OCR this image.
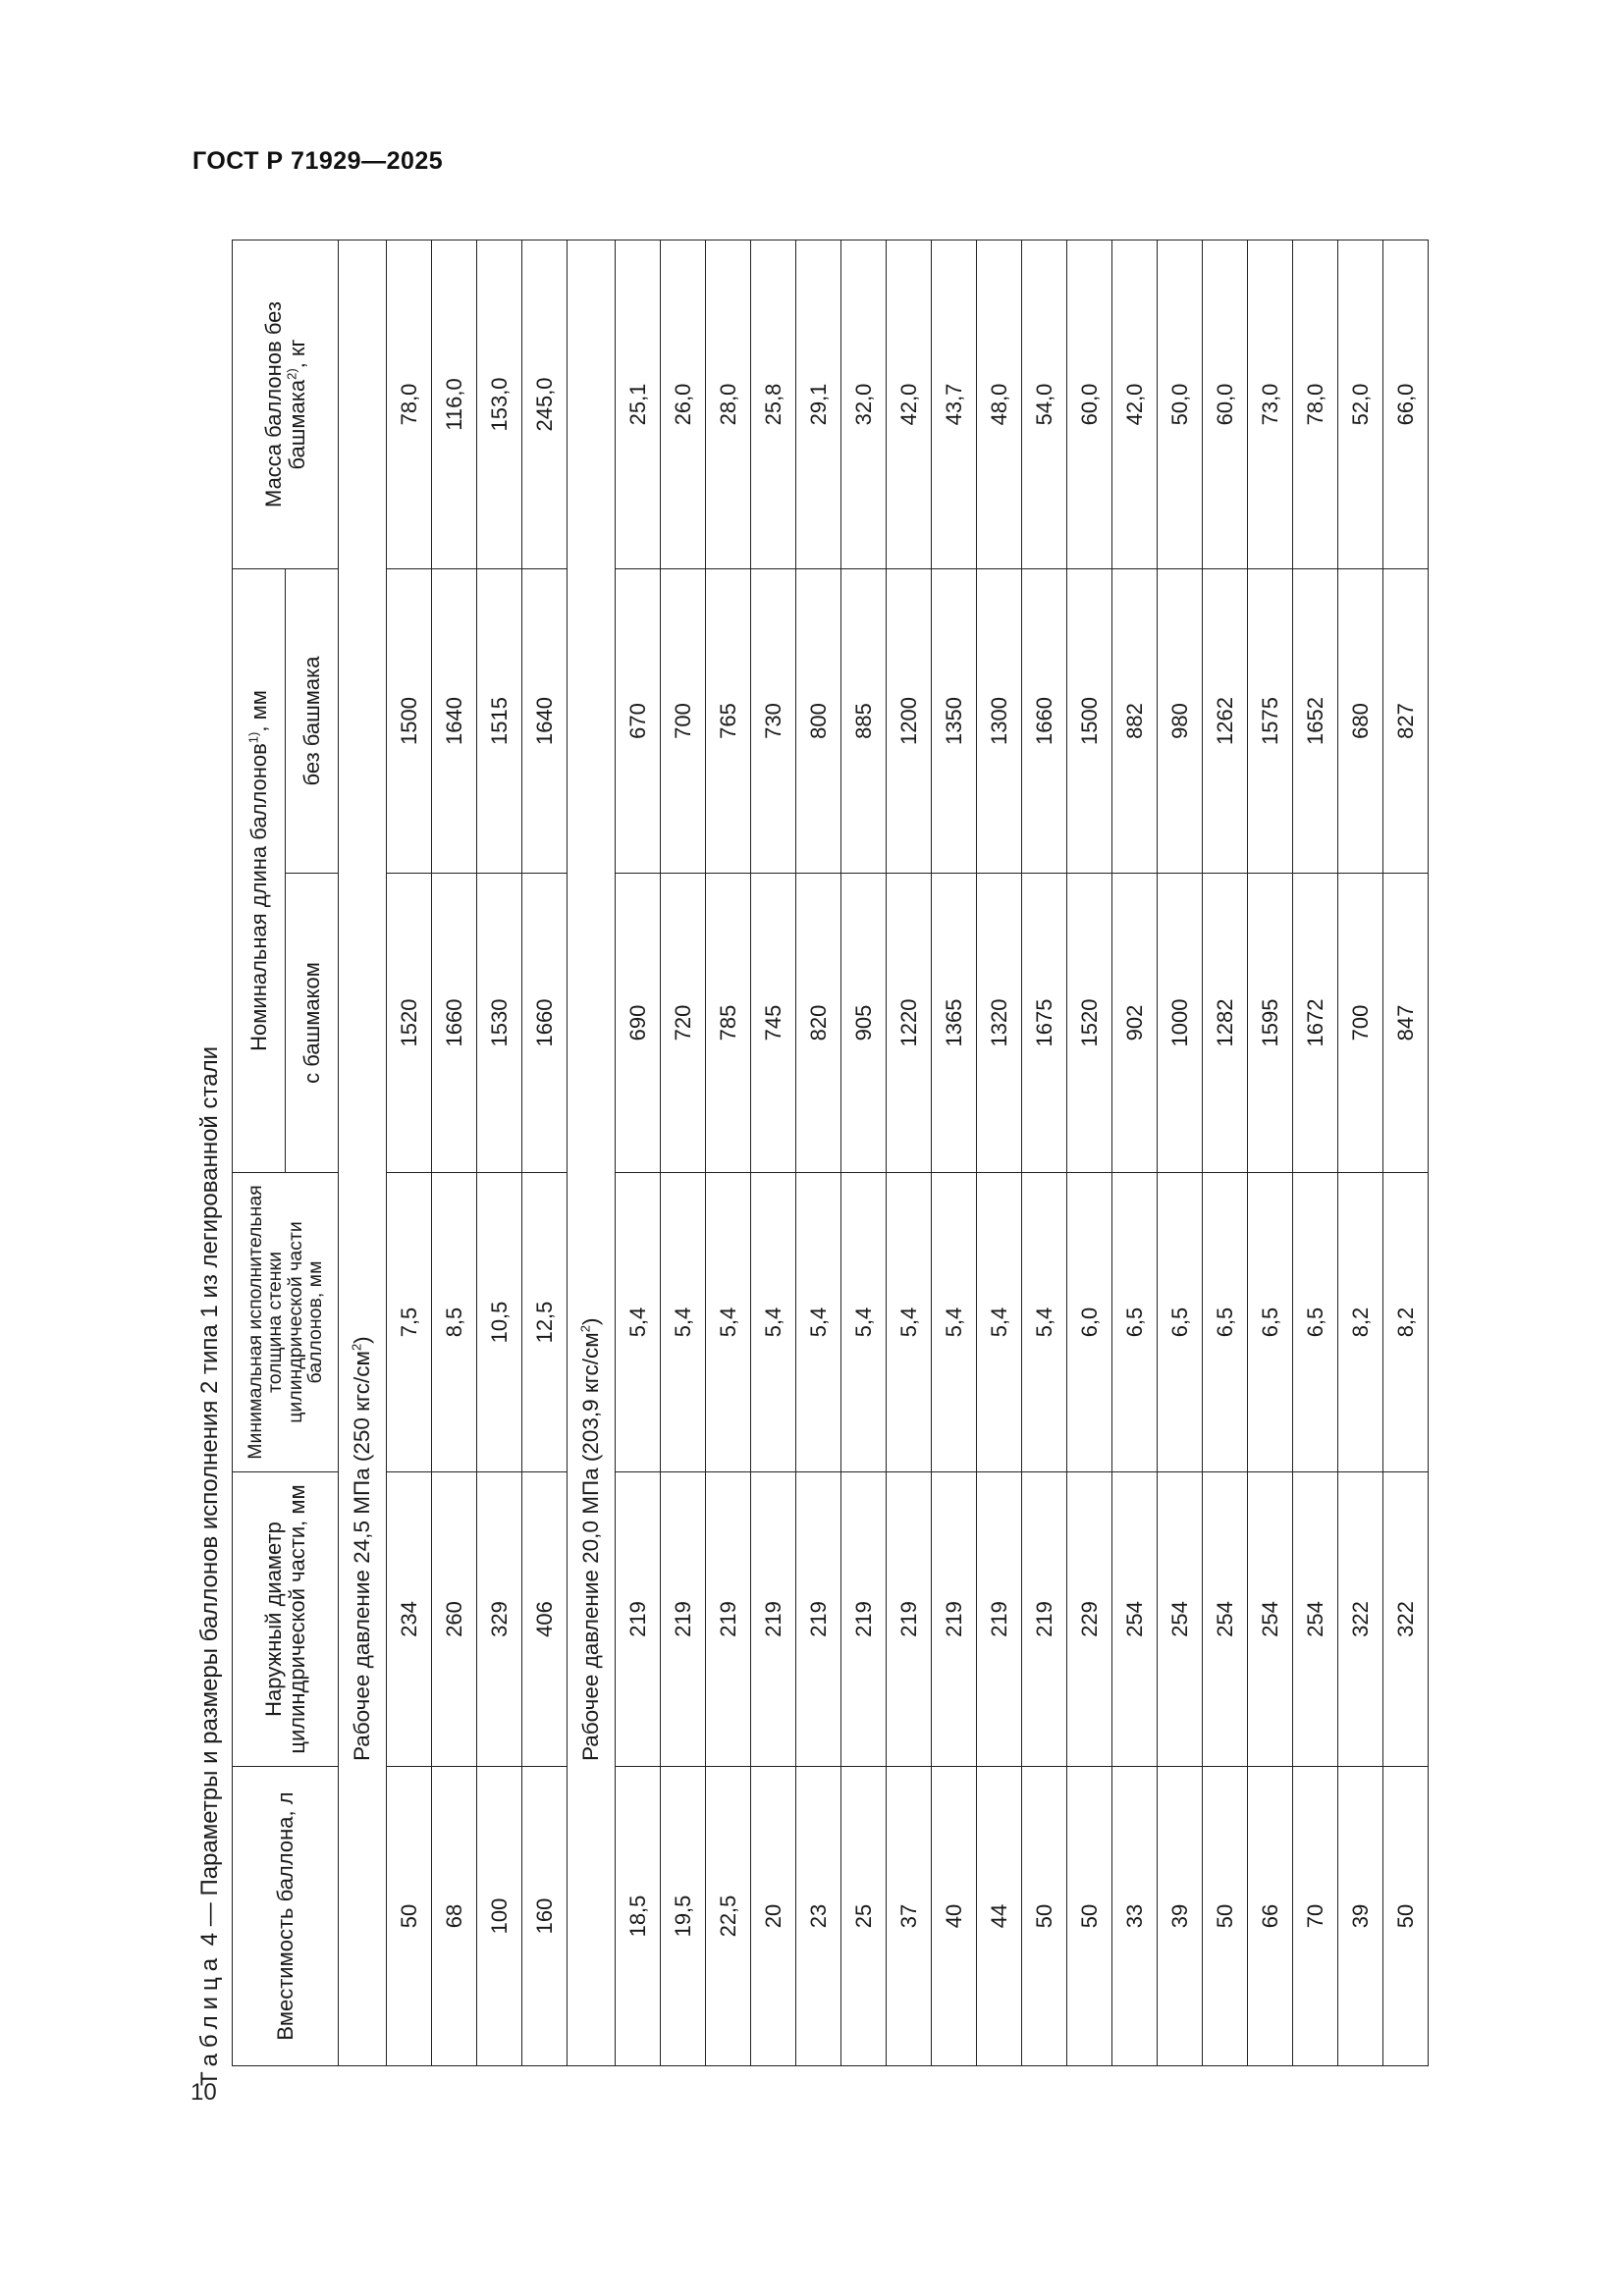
ГОСТ Р 71929—2025
10
Таблица 4 — Параметры и размеры баллонов исполнения 2 типа 1 из легированной стали	Вместимость баллона, л	Наружный диаметр цилиндрической части, мм	Минимальная исполнительная толщина стенки цилиндрической части баллонов, мм	Номинальная длина баллонов$^{1)}$, мм		Масса баллонов без башмака$^{2)}$, кг
			с башмаком	без башмака	
Рабочее давление 24,5 МПа (250 кгс/$см^2$)					
50	234	7,5	1520	1500	78,0
68	260	8,5	1660	1640	116,0
100	329	10,5	1530	1515	153,0
160	406	12,5	1660	1640	245,0
Рабочее давление 20,0 МПа (203,9 кгс/$см^2$)					
18,5	219	5,4	690	670	25,1
19,5	219	5,4	720	700	26,0
22,5	219	5,4	785	765	28,0
20	219	5,4	745	730	25,8
23	219	5,4	820	800	29,1
25	219	5,4	905	885	32,0
37	219	5,4	1220	1200	42,0
40	219	5,4	1365	1350	43,7
44	219	5,4	1320	1300	48,0
50	219	5,4	1675	1660	54,0
50	229	6,0	1520	1500	60,0
33	254	6,5	902	882	42,0
39	254	6,5	1000	980	50,0
50	254	6,5	1282	1262	60,0
66	254	6,5	1595	1575	73,0
70	254	6,5	1672	1652	78,0
39	322	8,2	700	680	52,0
50	322	8,2	847	827	66,0
